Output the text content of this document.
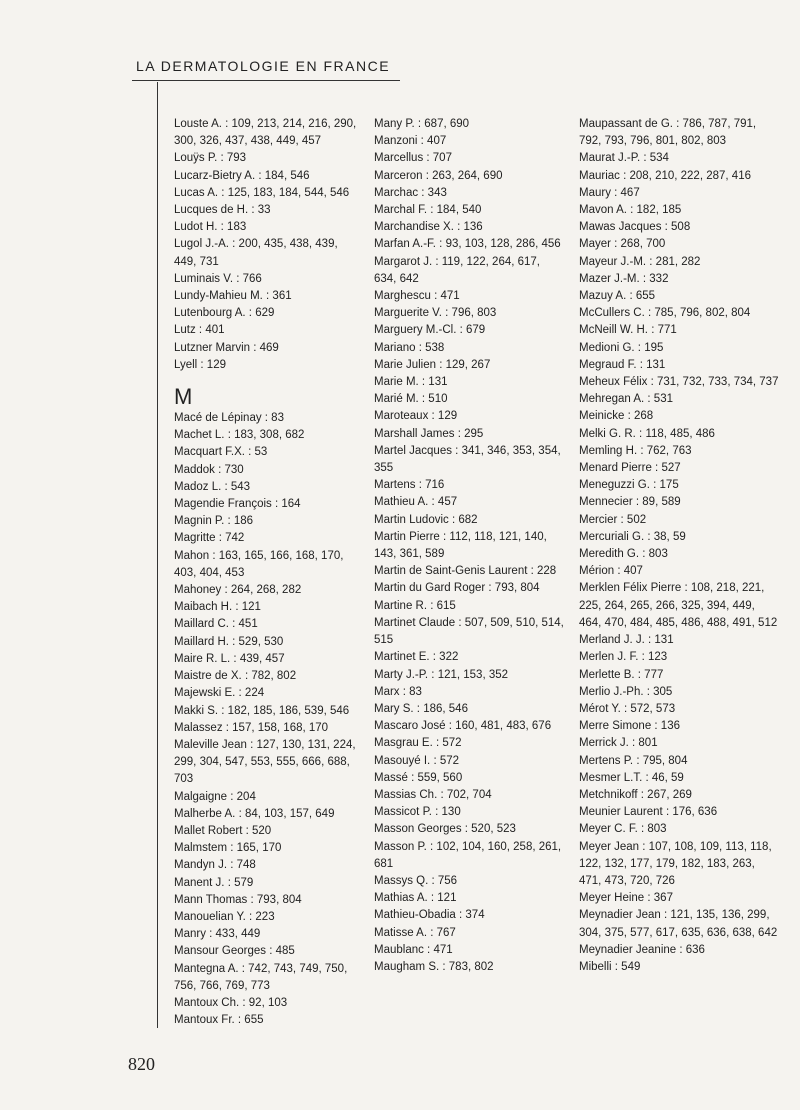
LA DERMATOLOGIE EN FRANCE
Louste A. : 109, 213, 214, 216, 290, 300, 326, 437, 438, 449, 457
Louÿs P. : 793
Lucarz-Bietry A. : 184, 546
Lucas A. : 125, 183, 184, 544, 546
Lucques de H. : 33
Ludot H. : 183
Lugol J.-A. : 200, 435, 438, 439, 449, 731
Luminais V. : 766
Lundy-Mahieu M. : 361
Lutenbourg A. : 629
Lutz : 401
Lutzner Marvin : 469
Lyell : 129
M
Macé de Lépinay : 83
Machet L. : 183, 308, 682
Macquart F.X. : 53
Maddok : 730
Madoz L. : 543
Magendie François : 164
Magnin P. : 186
Magritte : 742
Mahon : 163, 165, 166, 168, 170, 403, 404, 453
Mahoney : 264, 268, 282
Maibach H. : 121
Maillard C. : 451
Maillard H. : 529, 530
Maire R. L. : 439, 457
Maistre de X. : 782, 802
Majewski E. : 224
Makki S. : 182, 185, 186, 539, 546
Malassez : 157, 158, 168, 170
Maleville Jean : 127, 130, 131, 224, 299, 304, 547, 553, 555, 666, 688, 703
Malgaigne : 204
Malherbe A. : 84, 103, 157, 649
Mallet Robert : 520
Malmstem : 165, 170
Mandyn J. : 748
Manent J. : 579
Mann Thomas : 793, 804
Manouelian Y. : 223
Manry : 433, 449
Mansour Georges : 485
Mantegna A. : 742, 743, 749, 750, 756, 766, 769, 773
Mantoux Ch. : 92, 103
Mantoux Fr. : 655
Many P. : 687, 690
Manzoni : 407
Marcellus : 707
Marceron : 263, 264, 690
Marchac : 343
Marchal F. : 184, 540
Marchandise X. : 136
Marfan A.-F. : 93, 103, 128, 286, 456
Margarot J. : 119, 122, 264, 617, 634, 642
Marghescu : 471
Marguerite V. : 796, 803
Marguery M.-Cl. : 679
Mariano : 538
Marie Julien : 129, 267
Marie M. : 131
Marié M. : 510
Maroteaux : 129
Marshall James : 295
Martel Jacques : 341, 346, 353, 354, 355
Martens : 716
Mathieu A. : 457
Martin Ludovic : 682
Martin Pierre : 112, 118, 121, 140, 143, 361, 589
Martin de Saint-Genis Laurent : 228
Martin du Gard Roger : 793, 804
Martine R. : 615
Martinet Claude : 507, 509, 510, 514, 515
Martinet E. : 322
Marty J.-P. : 121, 153, 352
Marx : 83
Mary S. : 186, 546
Mascaro José : 160, 481, 483, 676
Masgrau E. : 572
Masouyé I. : 572
Massé : 559, 560
Massias Ch. : 702, 704
Massicot P. : 130
Masson Georges : 520, 523
Masson P. : 102, 104, 160, 258, 261, 681
Massys Q. : 756
Mathias A. : 121
Mathieu-Obadia : 374
Matisse A. : 767
Maublanc : 471
Maugham S. : 783, 802
Maupassant de G. : 786, 787, 791, 792, 793, 796, 801, 802, 803
Maurat J.-P. : 534
Mauriac : 208, 210, 222, 287, 416
Maury : 467
Mavon A. : 182, 185
Mawas Jacques : 508
Mayer : 268, 700
Mayeur J.-M. : 281, 282
Mazer J.-M. : 332
Mazuy A. : 655
McCullers C. : 785, 796, 802, 804
McNeill W. H. : 771
Medioni G. : 195
Megraud F. : 131
Meheux Félix : 731, 732, 733, 734, 737
Mehregan A. : 531
Meinicke : 268
Melki G. R. : 118, 485, 486
Memling H. : 762, 763
Menard Pierre : 527
Meneguzzi G. : 175
Mennecier : 89, 589
Mercier : 502
Mercuriali G. : 38, 59
Meredith G. : 803
Mérion : 407
Merklen Félix Pierre : 108, 218, 221, 225, 264, 265, 266, 325, 394, 449, 464, 470, 484, 485, 486, 488, 491, 512
Merland J. J. : 131
Merlen J. F. : 123
Merlette B. : 777
Merlio J.-Ph. : 305
Mérot Y. : 572, 573
Merre Simone : 136
Merrick J. : 801
Mertens P. : 795, 804
Mesmer L.T. : 46, 59
Metchnikoff : 267, 269
Meunier Laurent : 176, 636
Meyer C. F. : 803
Meyer Jean : 107, 108, 109, 113, 118, 122, 132, 177, 179, 182, 183, 263, 471, 473, 720, 726
Meyer Heine : 367
Meynadier Jean : 121, 135, 136, 299, 304, 375, 577, 617, 635, 636, 638, 642
Meynadier Jeanine : 636
Mibelli : 549
820
